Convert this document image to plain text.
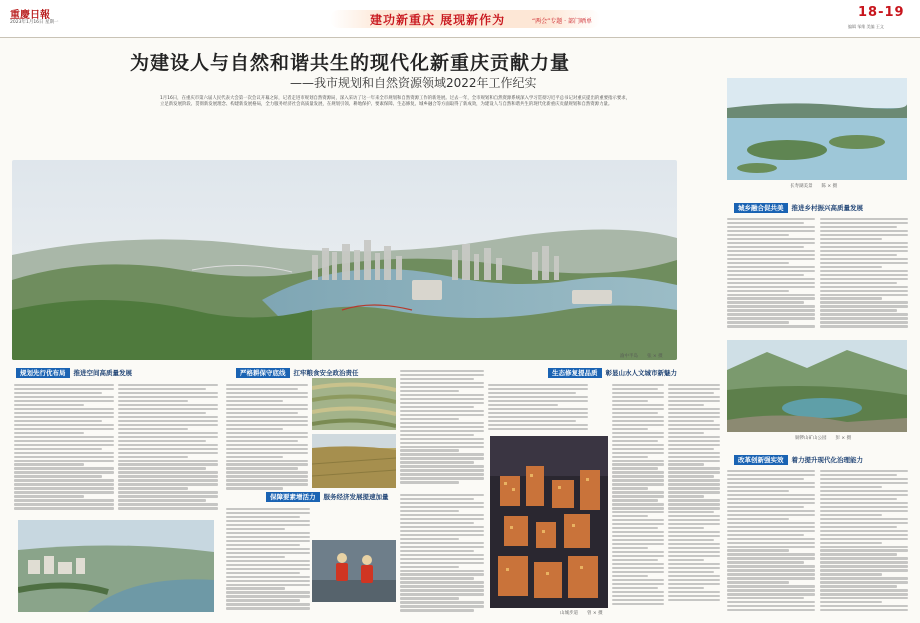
重慶日報
2023年1月16日 星期一	建功新重庆 展现新作为	“两会”专题 · 部门晒单
18-19
编辑 邹维 美编 王文
为建设人与自然和谐共生的现代化新重庆贡献力量
——我市规划和自然资源领域2022年工作纪实
1月16日，在重庆市第六届人民代表大会第一次会议开幕之际，记者走进市规划自然资源局，深入采访了这一年来全市规划和自然资源工作的新进展。过去一年，全市规划和自然资源系统深入学习贯彻习近平总书记对重庆提出的重要指示要求，立足新发展阶段、贯彻新发展理念、构建新发展格局，全力服务经济社会高质量发展，在规划引领、耕地保护、要素保障、生态修复、城乡融合等方面取得了新成效，为建设人与自然和谐共生的现代化新重庆贡献规划和自然资源力量。
渝中半岛　　张 × 摄
长寿湖美景　　陈 × 摄
城乡融合促共美 推进乡村振兴高质量发展
铜锣山矿山公园　　彭 × 摄
改革创新强实效 着力提升现代化治理能力
规划先行优布局 推进空间高质量发展	严格耕保守底线 扛牢粮食安全政治责任
保障要素增活力 服务经济发展提速加量
生态修复提品质 彰显山水人文城市新魅力
山城步道　　曾 × 摄
